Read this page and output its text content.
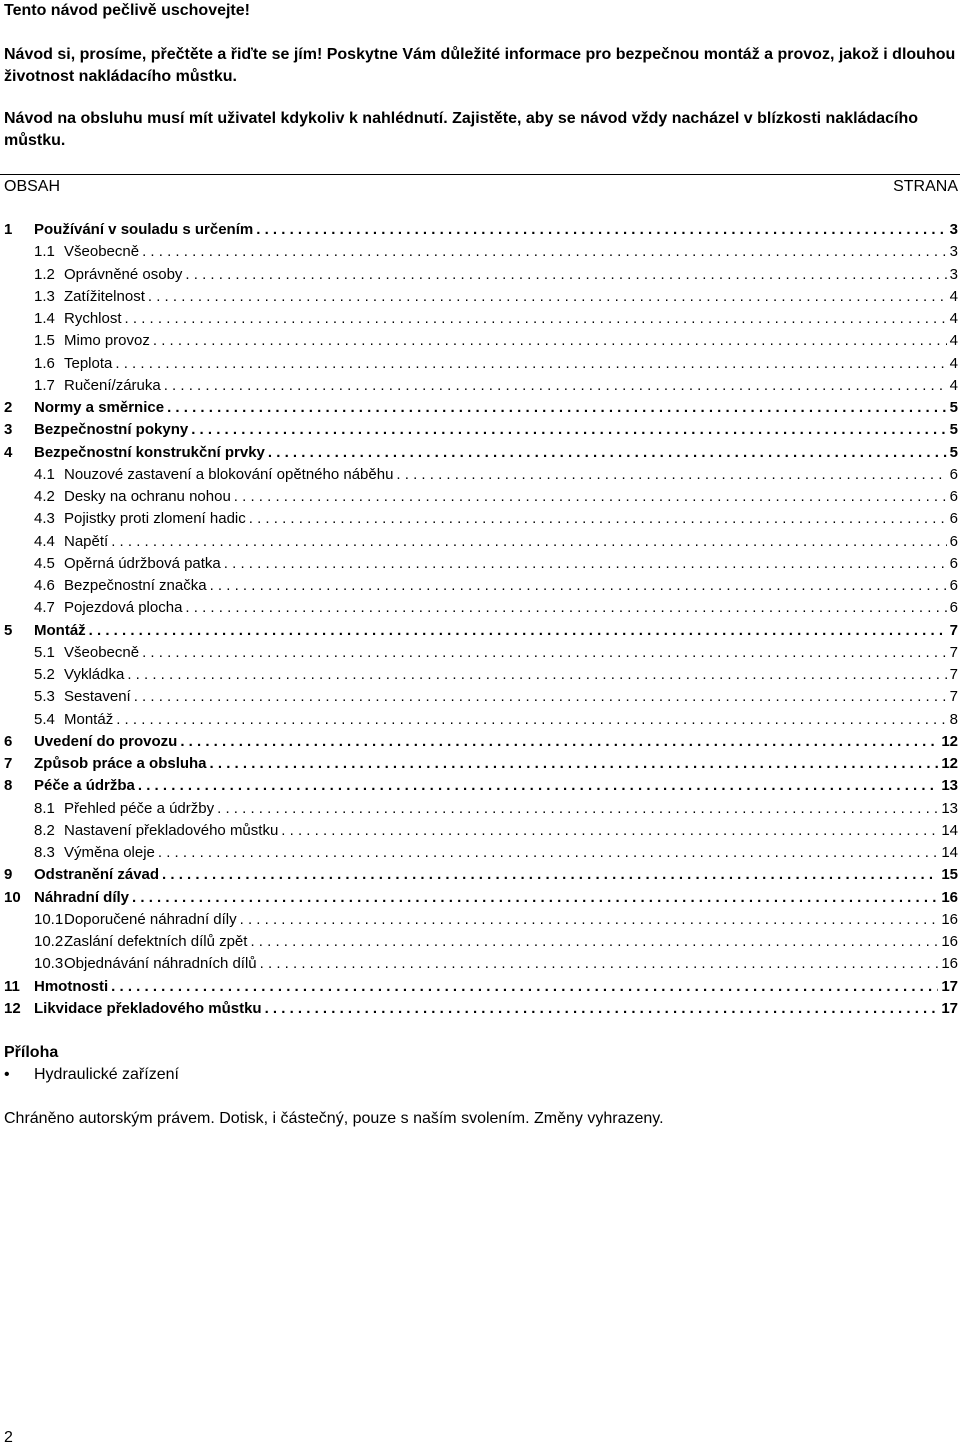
Tento návod pečlivě uschovejte!
Návod si, prosíme, přečtěte a řiďte se jím! Poskytne Vám důležité informace pro bezpečnou montáž a provoz, jakož i dlouhou životnost nakládacího můstku.
Návod na obsluhu musí mít uživatel kdykoliv k nahlédnutí. Zajistěte, aby se návod vždy nacházel v blízkosti nakládacího můstku.
OBSAH	STRANA
1	Používání v souladu s určením . . .	3
1.1 Všeobecně . . .	3
1.2 Oprávněné osoby . . .	3
1.3 Zatížitelnost . . .	4
1.4 Rychlost . . .	4
1.5 Mimo provoz . . .	4
1.6 Teplota . . .	4
1.7 Ručení/záruka . . .	4
2	Normy a směrnice . . .	5
3	Bezpečnostní pokyny . . .	5
4	Bezpečnostní konstrukční prvky . . .	5
4.1 Nouzové zastavení a blokování opětného náběhu . . .	6
4.2 Desky na ochranu nohou . . .	6
4.3 Pojistky proti zlomení hadic . . .	6
4.4 Napětí . . .	6
4.5 Opěrná údržbová patka . . .	6
4.6 Bezpečnostní značka . . .	6
4.7 Pojezdová plocha . . .	6
5	Montáž . . .	7
5.1 Všeobecně . . .	7
5.2 Vykládka . . .	7
5.3 Sestavení . . .	7
5.4 Montáž . . .	8
6	Uvedení do provozu . . .	12
7	Způsob práce a obsluha . . .	12
8	Péče a údržba . . .	13
8.1 Přehled péče a údržby . . .	13
8.2 Nastavení překladového můstku . . .	14
8.3 Výměna oleje . . .	14
9	Odstranění závad . . .	15
10 Náhradní díly . . .	16
10.1 Doporučené náhradní díly . . .	16
10.2 Zaslání defektních dílů zpět . . .	16
10.3 Objednávání náhradních dílů . . .	16
11 Hmotnosti . . .	17
12 Likvidace překladového můstku . . .	17
Příloha
• Hydraulické zařízení
Chráněno autorským právem. Dotisk, i částečný, pouze s naším svolením. Změny vyhrazeny.
2
